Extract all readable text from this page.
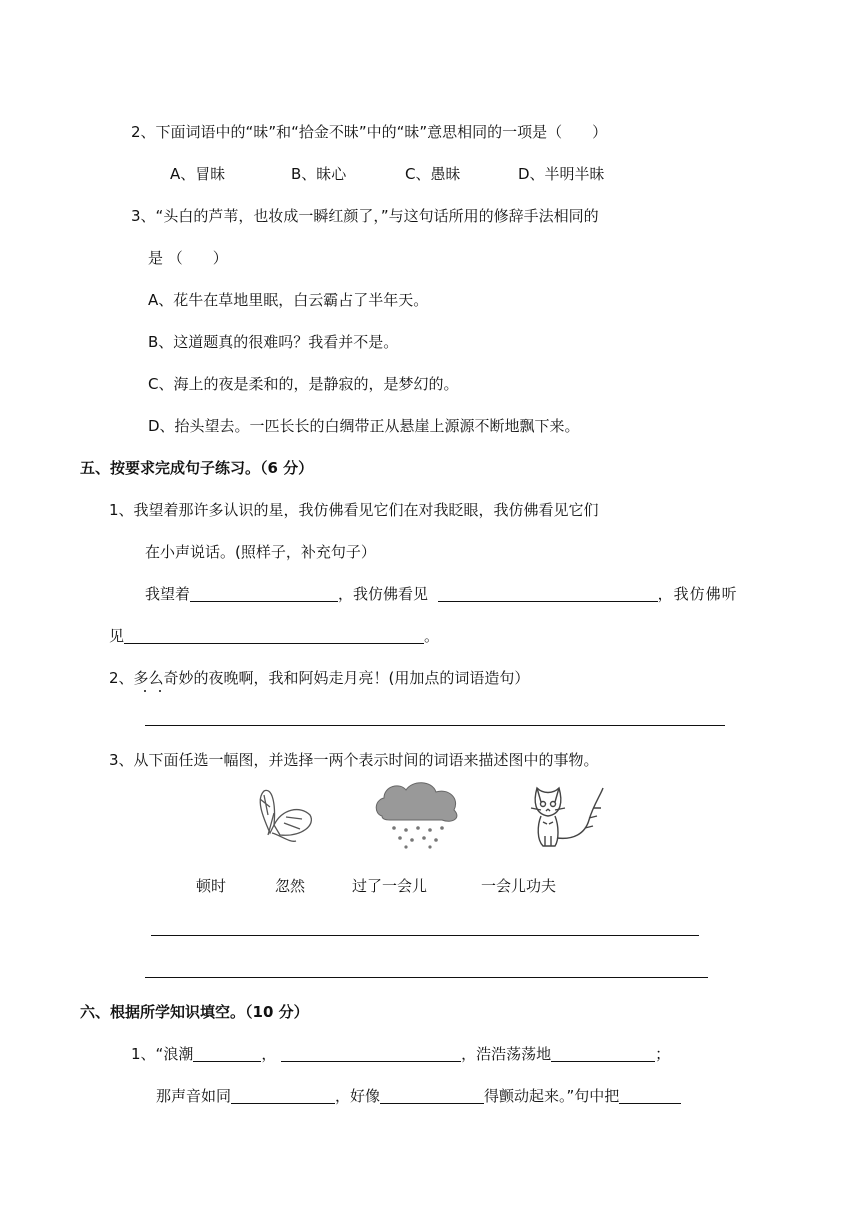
2、下面词语中的“昧”和“拾金不昧”中的“昧”意思相同的一项是（　　）
A、冒昧	B、昧心	C、愚昧	D、半明半昧
3、“头白的芦苇，也妆成一瞬红颜了，”与这句话所用的修辞手法相同的
是 （　　）
A、花牛在草地里眠，白云霸占了半年天。
B、这道题真的很难吗？我看并不是。
C、海上的夜是柔和的，是静寂的，是梦幻的。
D、抬头望去。一匹长长的白绸带正从悬崖上源源不断地飘下来。
五、按要求完成句子练习。（6 分）
1、我望着那许多认识的星，我仿佛看见它们在对我眨眼，我仿佛看见它们
在小声说话。(照样子，补充句子）
我望着	，我仿佛看见	，我仿佛听
见	。
2、多么奇妙的夜晚啊，我和阿妈走月亮！(用加点的词语造句）
3、从下面任选一幅图，并选择一两个表示时间的词语来描述图中的事物。
顿时	忽然	过了一会儿	一会儿功夫
六、根据所学知识填空。（10 分）
1、“浪潮	，	，浩浩荡荡地	；
那声音如同	，好像	得颤动起来。”句中把
